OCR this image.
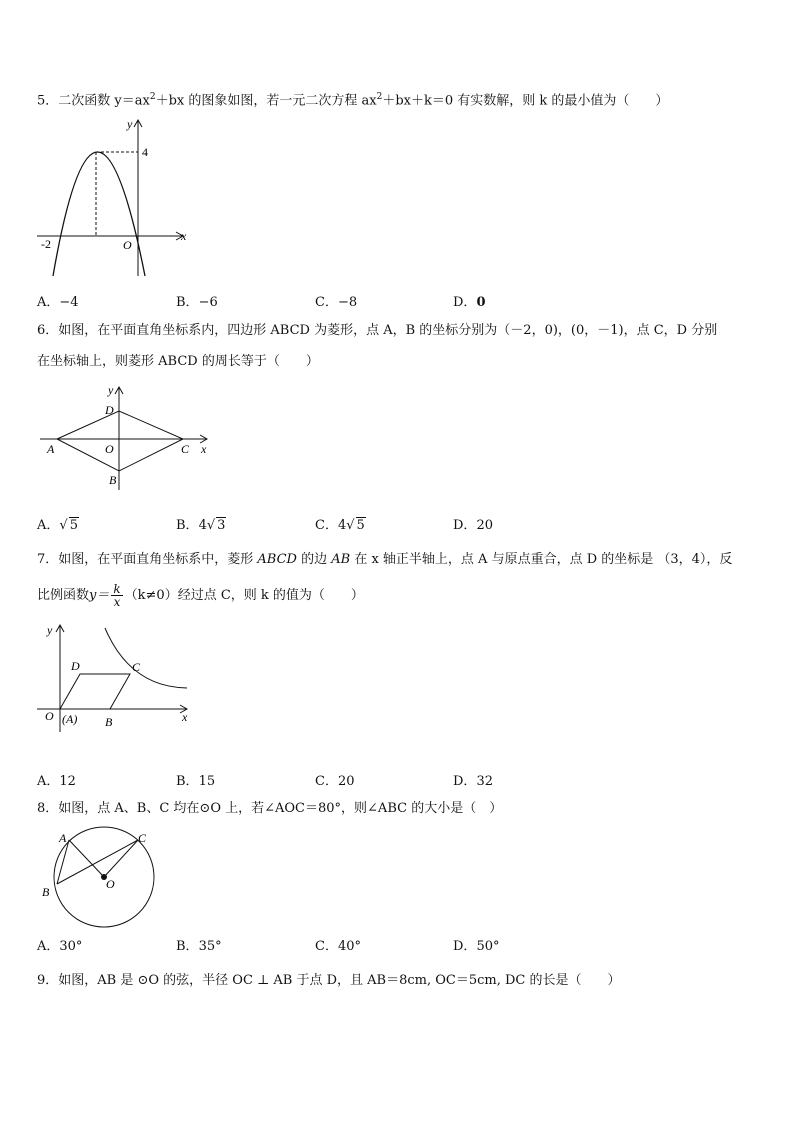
5．二次函数 $y=ax^2+bx$ 的图象如图，若一元二次方程 $ax^2+bx+k=0$ 有实数解，则 k 的最小值为（　　）
y
x
4
-2	O
A．−4	B．−6	C．−8	D．0
6．如图，在平面直角坐标系内，四边形 ABCD 为菱形，点 A，B 的坐标分别为（－2，0)，(0，－1)，点 C，D 分别
在坐标轴上，则菱形 ABCD 的周长等于（　　）
y
D
A	O	C x
B
A．√ 5	B．4√ 3	C．4√ 5	D．20
7．如图，在平面直角坐标系中，菱形 ABCD 的边 AB 在 x 轴正半轴上，点 A 与原点重合，点 D 的坐标是 （3，4），反
比例函数$y= \frac{k}{x} (k\ne 0)$经过点 C，则 k 的值为（　　）
y
D	C
O (A) B	x
A．12	B．15	C．20	D．32
8．如图，点 A、B、C 均在⊙O 上，若∠AOC＝80°，则∠ABC 的大小是（　）
A	C
B
O
A．30°	B．35°	C．40°	D．50°
9．如图，AB 是 ⊙O 的弦，半径 OC ⊥ AB 于点 D，且 AB＝8cm, OC＝5cm, DC 的长是（　　）
